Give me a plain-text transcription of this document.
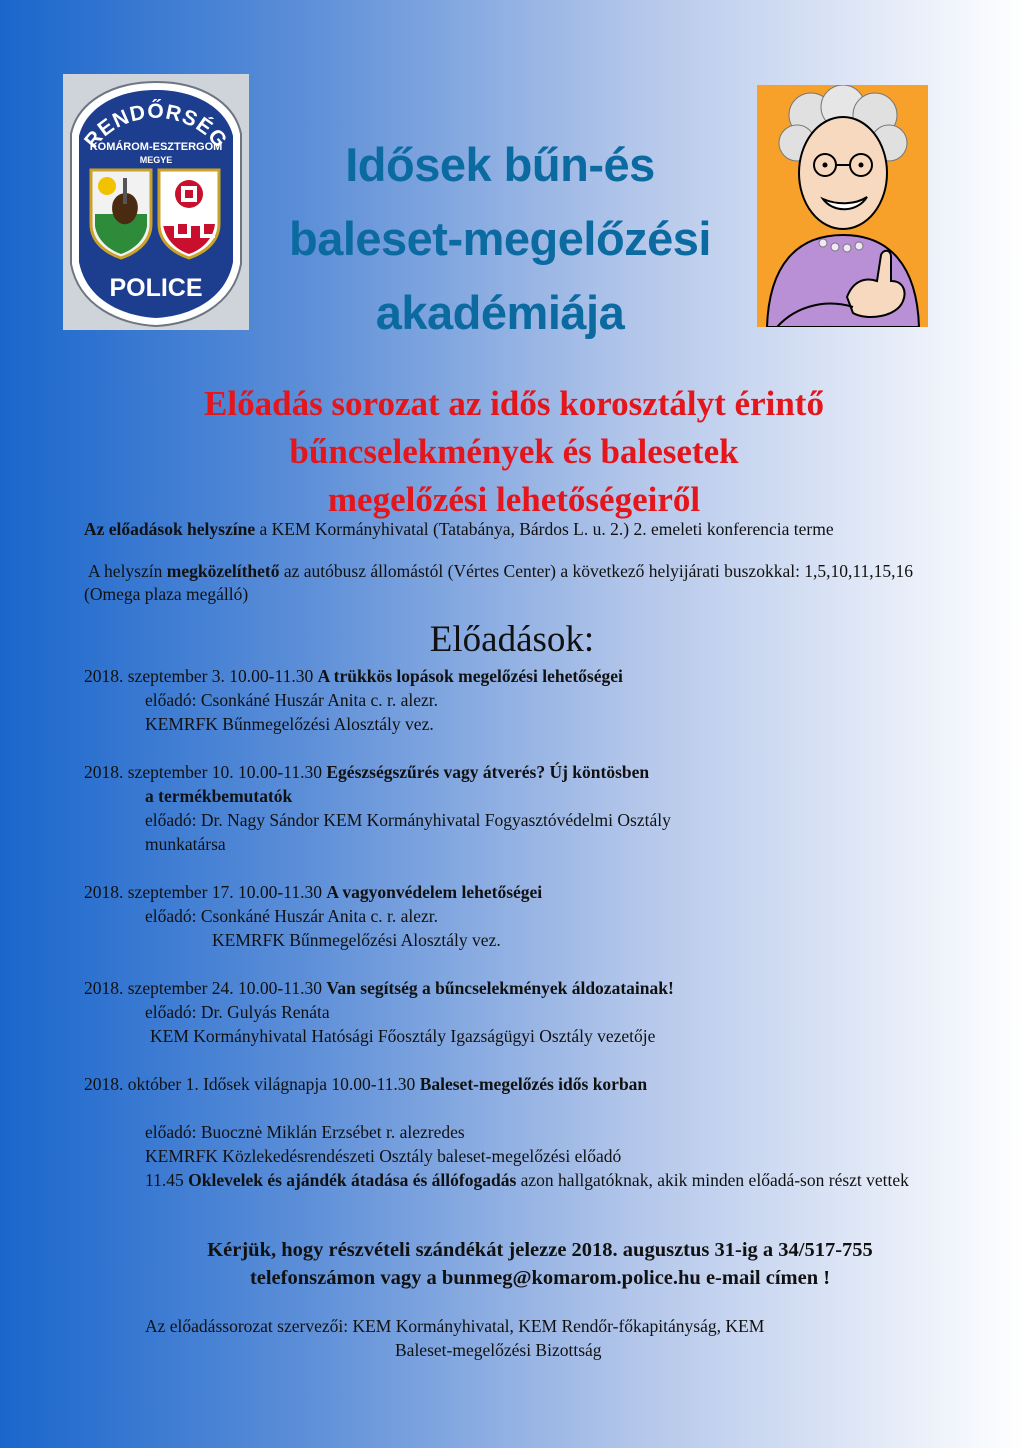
RENDŐRSÉG
KOMÁROM-ESZTERGOM
MEGYE
POLICE
Idősek bűn-és
baleset-megelőzési
akadémiája
Előadás sorozat az idős korosztályt érintő
bűncselekmények és balesetek
megelőzési lehetőségeiről

Az előadások helyszíne a KEM Kormányhivatal (Tatabánya, Bárdos L. u. 2.) 2. emeleti konferencia terme

A helyszín megközelíthető az autóbusz állomástól (Vértes Center) a következő helyijárati buszokkal: 1,5,10,11,15,16 (Omega plaza megálló)

Előadások:
2018. szeptember 3. 10.00-11.30 A trükkös lopások megelőzési lehetőségei
előadó: Csonkáné Huszár Anita c. r. alezr.
KEMRFK Bűnmegelőzési Alosztály vez.
2018. szeptember 10. 10.00-11.30 Egészségszűrés vagy átverés? Új köntösben
a termékbemutatók
előadó: Dr. Nagy Sándor KEM Kormányhivatal Fogyasztóvédelmi Osztály
munkatársa
2018. szeptember 17. 10.00-11.30 A vagyonvédelem lehetőségei
előadó: Csonkáné Huszár Anita c. r. alezr.
KEMRFK Bűnmegelőzési Alosztály vez.
2018. szeptember 24. 10.00-11.30 Van segítség a bűncselekmények áldozatainak!
előadó: Dr. Gulyás Renáta
KEM Kormányhivatal Hatósági Főosztály Igazságügyi Osztály vezetője
2018. október 1. Idősek világnapja 10.00-11.30 Baleset-megelőzés idős korban
előadó: Buocznė Miklán Erzsébet r. alezredes
KEMRFK Közlekedésrendészeti Osztály baleset-megelőzési előadó
11.45 Oklevelek és ajándék átadása és állófogadás azon hallgatóknak, akik minden előadá-son részt vettek
Kérjük, hogy részvételi szándékát jelezze 2018. augusztus 31-ig a 34/517-755
telefonszámon vagy a bunmeg@komarom.police.hu e-mail címen !
Az előadássorozat szervezői: KEM Kormányhivatal, KEM Rendőr-főkapitányság, KEM
Baleset-megelőzési Bizottság
